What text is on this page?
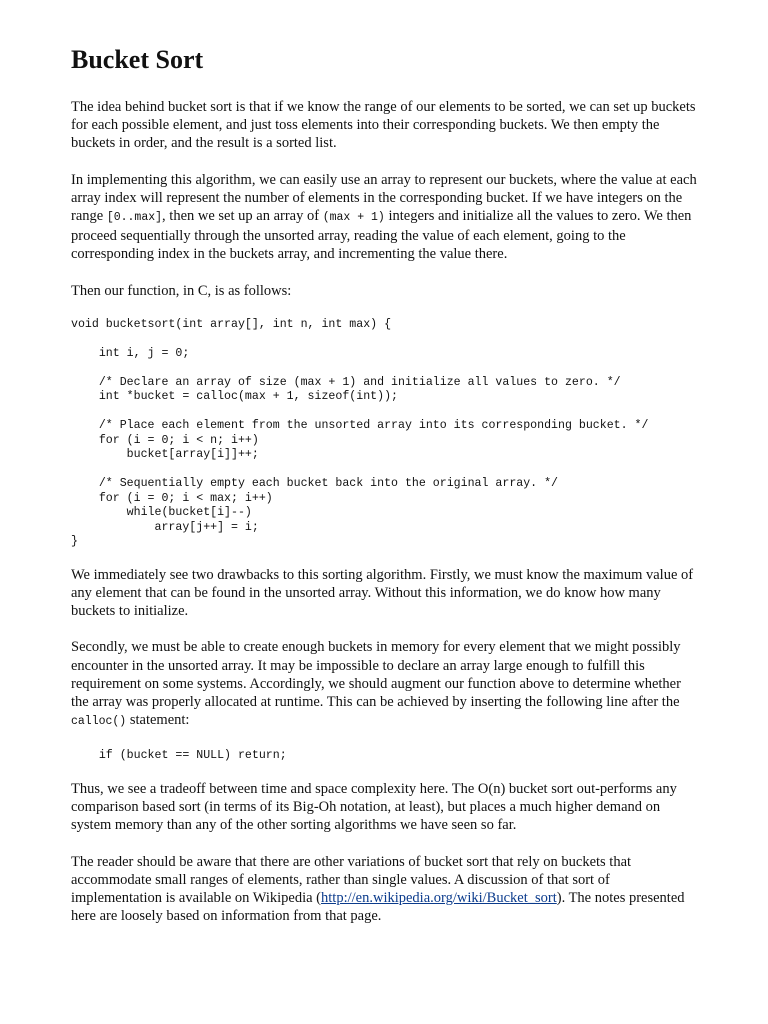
Bucket Sort

The idea behind bucket sort is that if we know the range of our elements to be sorted, we can set up buckets for each possible element, and just toss elements into their corresponding buckets. We then empty the buckets in order, and the result is a sorted list.

In implementing this algorithm, we can easily use an array to represent our buckets, where the value at each array index will represent the number of elements in the corresponding bucket. If we have integers on the range [0..max], then we set up an array of (max + 1) integers and initialize all the values to zero. We then proceed sequentially through the unsorted array, reading the value of each element, going to the corresponding index in the buckets array, and incrementing the value there.

Then our function, in C, is as follows:

void bucketsort(int array[], int n, int max) {
int i, j = 0;
/* Declare an array of size (max + 1) and initialize all values to zero. */
int *bucket = calloc(max + 1, sizeof(int));
/* Place each element from the unsorted array into its corresponding bucket. */
for (i = 0; i < n; i++)
bucket[array[i]]++;
/* Sequentially empty each bucket back into the original array. */
for (i = 0; i < max; i++)
while(bucket[i]--)
array[j++] = i;
}

We immediately see two drawbacks to this sorting algorithm. Firstly, we must know the maximum value of any element that can be found in the unsorted array. Without this information, we do know how many buckets to initialize.

Secondly, we must be able to create enough buckets in memory for every element that we might possibly encounter in the unsorted array. It may be impossible to declare an array large enough to fulfill this requirement on some systems. Accordingly, we should augment our function above to determine whether the array was properly allocated at runtime. This can be achieved by inserting the following line after the calloc() statement:

if (bucket == NULL) return;

Thus, we see a tradeoff between time and space complexity here. The O(n) bucket sort out-performs any comparison based sort (in terms of its Big-Oh notation, at least), but places a much higher demand on system memory than any of the other sorting algorithms we have seen so far.

The reader should be aware that there are other variations of bucket sort that rely on buckets that accommodate small ranges of elements, rather than single values. A discussion of that sort of implementation is available on Wikipedia (http://en.wikipedia.org/wiki/Bucket_sort). The notes presented here are loosely based on information from that page.
